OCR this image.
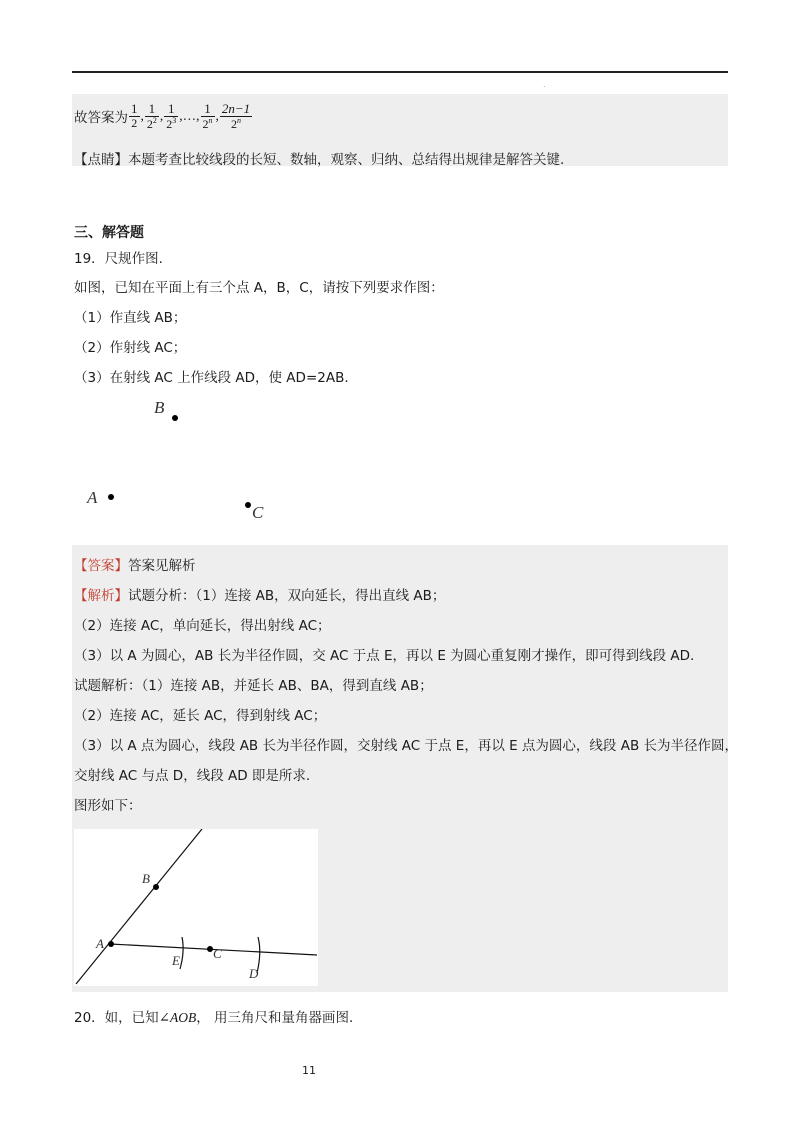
.
故答案为 $\frac{1}{2}$ , $\frac{1}{2^2}$ , $\frac{1}{2^3}$ , … , $\frac{1}{2^n}$ , $\frac{2n-1}{2^n}$
【点睛】本题考查比较线段的长短、数轴，观察、归纳、总结得出规律是解答关键.
三、解答题
19．尺规作图.
如图，已知在平面上有三个点 A，B，C，请按下列要求作图：
（1）作直线 AB；
（2）作射线 AC；
（3）在射线 AC 上作线段 AD，使 AD=2AB.
B
A
C
【答案】答案见解析
【解析】试题分析：（1）连接 AB，双向延长，得出直线 AB；
（2）连接 AC，单向延长，得出射线 AC；
（3）以 A 为圆心，AB 长为半径作圆，交 AC 于点 E，再以 E 为圆心重复刚才操作，即可得到线段 AD.
试题解析：（1）连接 AB，并延长 AB、BA，得到直线 AB；
（2）连接 AC，延长 AC，得到射线 AC；
（3）以 A 点为圆心，线段 AB 长为半径作圆，交射线 AC 于点 E，再以 E 点为圆心，线段 AB 长为半径作圆，
交射线 AC 与点 D，线段 AD 即是所求.
图形如下：
B
A
C
E
D
20．如，已知∠AOB， 用三角尺和量角器画图.
11
